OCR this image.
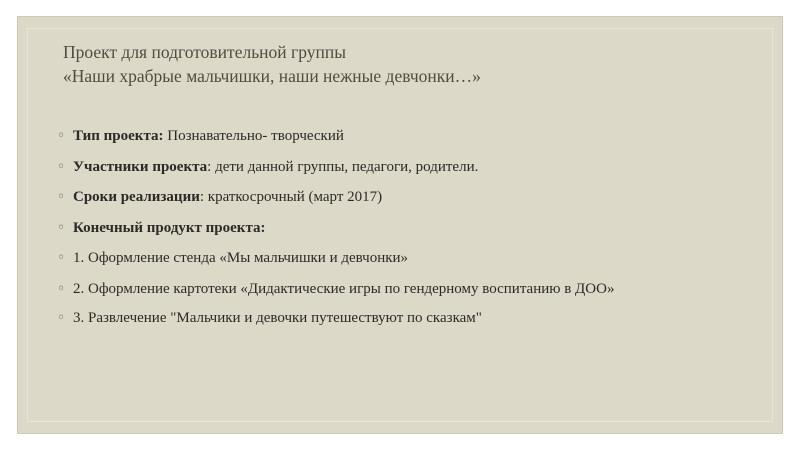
Проект для подготовительной группы
«Наши храбрые мальчишки, наши нежные девчонки…»
◦ Тип проекта: Познавательно- творческий
◦ Участники проекта: дети данной группы, педагоги, родители.
◦ Сроки реализации: краткосрочный (март 2017)
◦ Конечный продукт проекта:
◦ 1. Оформление стенда «Мы мальчишки и девчонки»
◦ 2. Оформление картотеки «Дидактические игры по гендерному воспитанию в ДОО»
◦ 3. Развлечение "Мальчики и девочки путешествуют по сказкам"
